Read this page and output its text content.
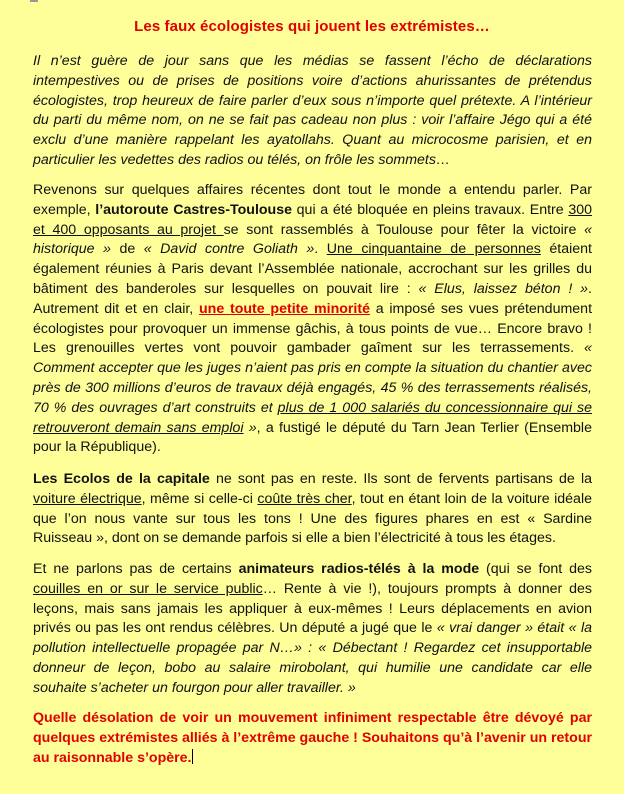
Les faux écologistes qui jouent les extrémistes…
Il n’est guère de jour sans que les médias se fassent l’écho de déclarations intempestives ou de prises de positions voire d’actions ahurissantes de prétendus écologistes, trop heureux de faire parler d’eux sous n’importe quel prétexte. A l’intérieur du parti du même nom, on ne se fait pas cadeau non plus : voir l’affaire Jégo qui a été exclu d’une manière rappelant les ayatollahs. Quant au microcosme parisien, et en particulier les vedettes des radios ou télés, on frôle les sommets…
Revenons sur quelques affaires récentes dont tout le monde a entendu parler. Par exemple, l’autoroute Castres-Toulouse qui a été bloquée en pleins travaux. Entre 300 et 400 opposants au projet se sont rassemblés à Toulouse pour fêter la victoire « historique » de « David contre Goliath ». Une cinquantaine de personnes étaient également réunies à Paris devant l’Assemblée nationale, accrochant sur les grilles du bâtiment des banderoles sur lesquelles on pouvait lire : « Elus, laissez béton ! ». Autrement dit et en clair, une toute petite minorité a imposé ses vues prétendument écologistes pour provoquer un immense gâchis, à tous points de vue… Encore bravo ! Les grenouilles vertes vont pouvoir gambader gaîment sur les terrassements. « Comment accepter que les juges n’aient pas pris en compte la situation du chantier avec près de 300 millions d’euros de travaux déjà engagés, 45 % des terrassements réalisés, 70 % des ouvrages d’art construits et plus de 1 000 salariés du concessionnaire qui se retrouveront demain sans emploi », a fustigé le député du Tarn Jean Terlier (Ensemble pour la République).
Les Ecolos de la capitale ne sont pas en reste. Ils sont de fervents partisans de la voiture électrique, même si celle-ci coûte très cher, tout en étant loin de la voiture idéale que l’on nous vante sur tous les tons ! Une des figures phares en est « Sardine Ruisseau », dont on se demande parfois si elle a bien l’électricité à tous les étages.
Et ne parlons pas de certains animateurs radios-télés à la mode (qui se font des couilles en or sur le service public… Rente à vie !), toujours prompts à donner des leçons, mais sans jamais les appliquer à eux-mêmes ! Leurs déplacements en avion privés ou pas les ont rendus célèbres. Un député a jugé que le « vrai danger » était « la pollution intellectuelle propagée par N…» : « Débectant ! Regardez cet insupportable donneur de leçon, bobo au salaire mirobolant, qui humilie une candidate car elle souhaite s’acheter un fourgon pour aller travailler. »
Quelle désolation de voir un mouvement infiniment respectable être dévoyé par quelques extrémistes alliés à l’extrême gauche ! Souhaitons qu’à l’avenir un retour au raisonnable s’opère.
